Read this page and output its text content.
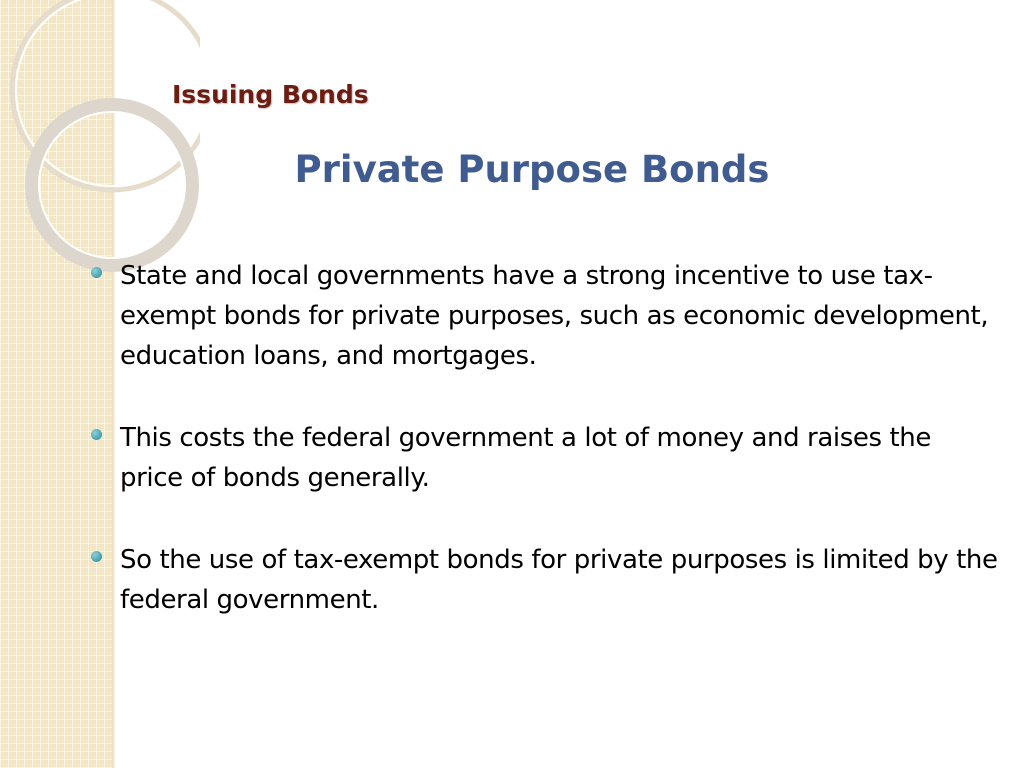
Issuing Bonds
Private Purpose Bonds
State and local governments have a strong incentive to use tax-exempt bonds for private purposes, such as economic development, education loans, and mortgages.
This costs the federal government a lot of money and raises the price of bonds generally.
So the use of tax-exempt bonds for private purposes is limited by the federal government.
